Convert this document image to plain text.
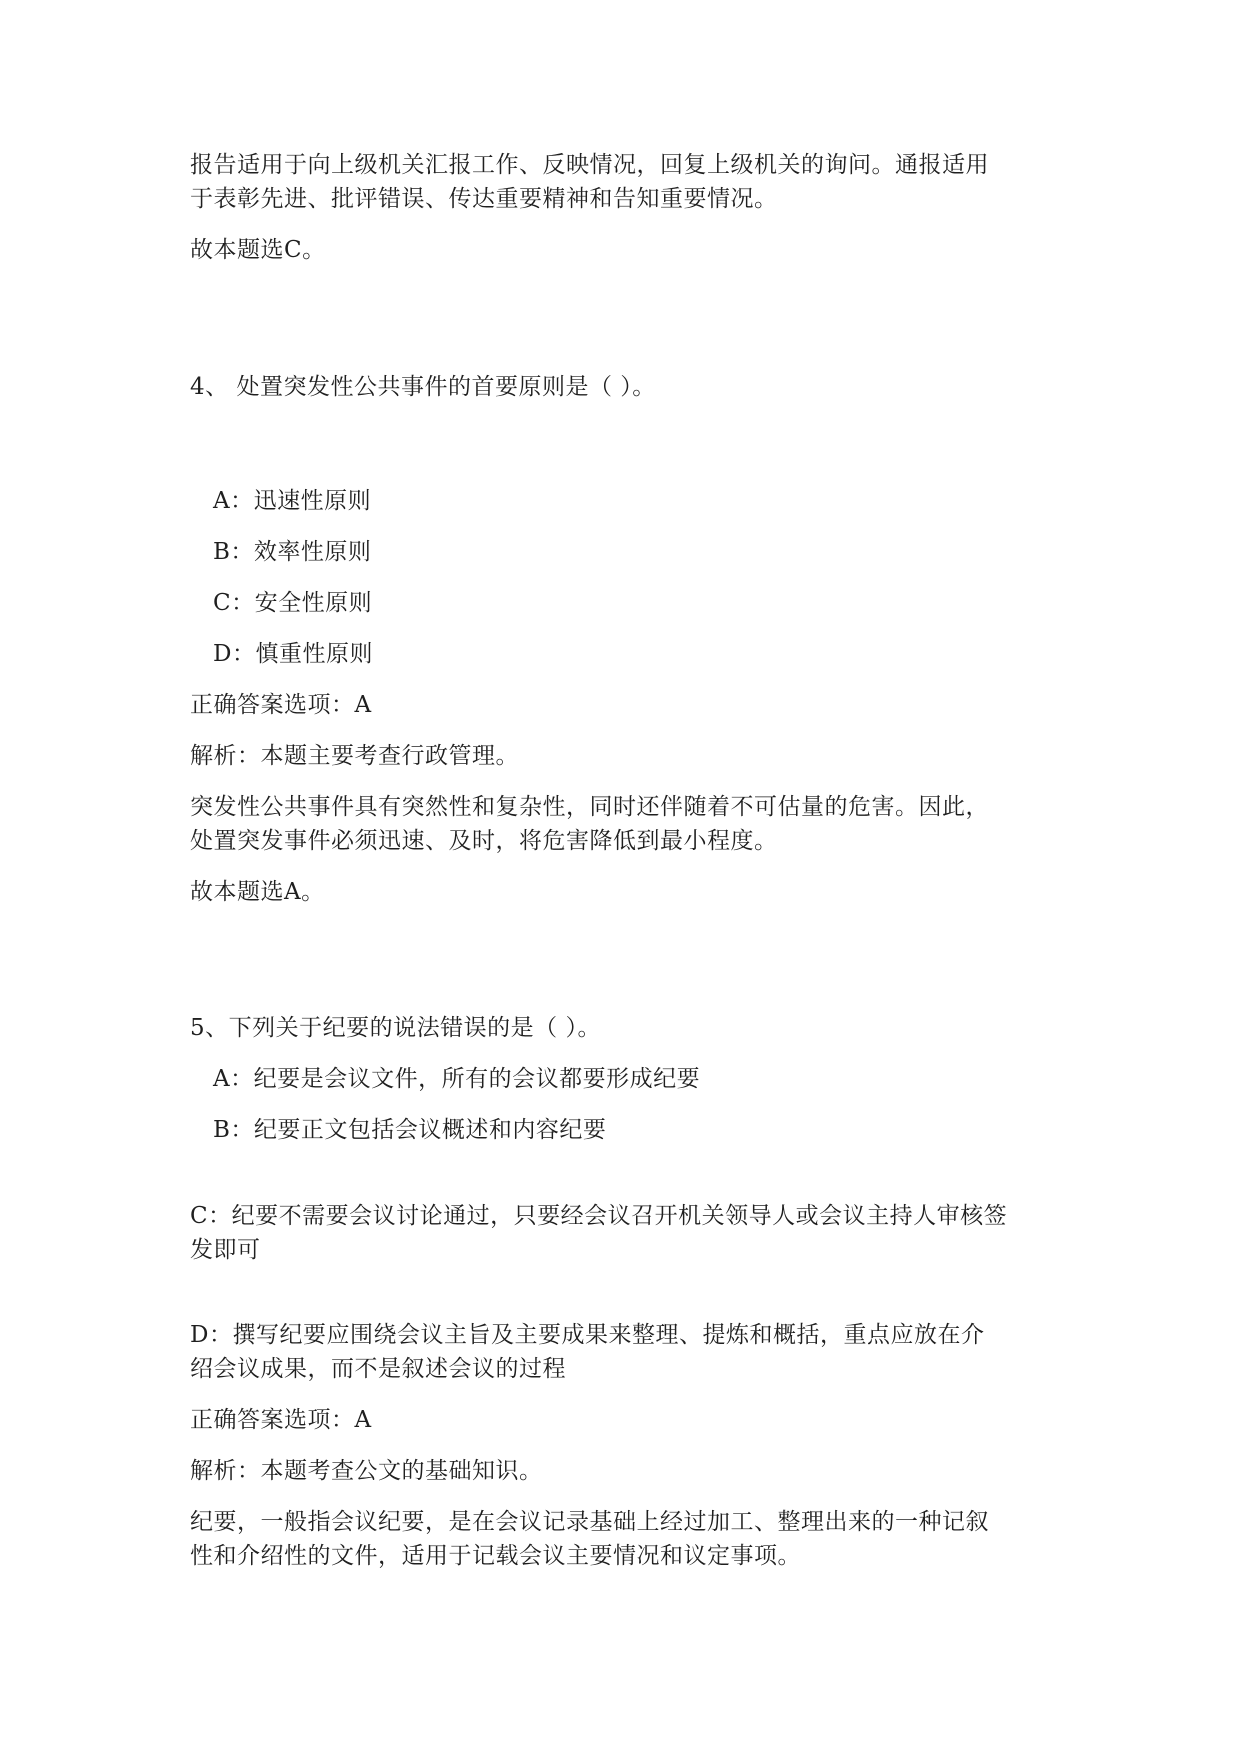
报告适用于向上级机关汇报工作、反映情况，回复上级机关的询问。通报适用
于表彰先进、批评错误、传达重要精神和告知重要情况。
故本题选C。
4、 处置突发性公共事件的首要原则是（ ）。
A：迅速性原则
B：效率性原则
C：安全性原则
D：慎重性原则
正确答案选项：A
解析：本题主要考查行政管理。
突发性公共事件具有突然性和复杂性，同时还伴随着不可估量的危害。因此，
处置突发事件必须迅速、及时，将危害降低到最小程度。
故本题选A。
5、下列关于纪要的说法错误的是（ ）。
A：纪要是会议文件，所有的会议都要形成纪要
B：纪要正文包括会议概述和内容纪要
C：纪要不需要会议讨论通过，只要经会议召开机关领导人或会议主持人审核签
发即可
D：撰写纪要应围绕会议主旨及主要成果来整理、提炼和概括，重点应放在介
绍会议成果，而不是叙述会议的过程
正确答案选项：A
解析：本题考查公文的基础知识。
纪要，一般指会议纪要，是在会议记录基础上经过加工、整理出来的一种记叙
性和介绍性的文件，适用于记载会议主要情况和议定事项。
